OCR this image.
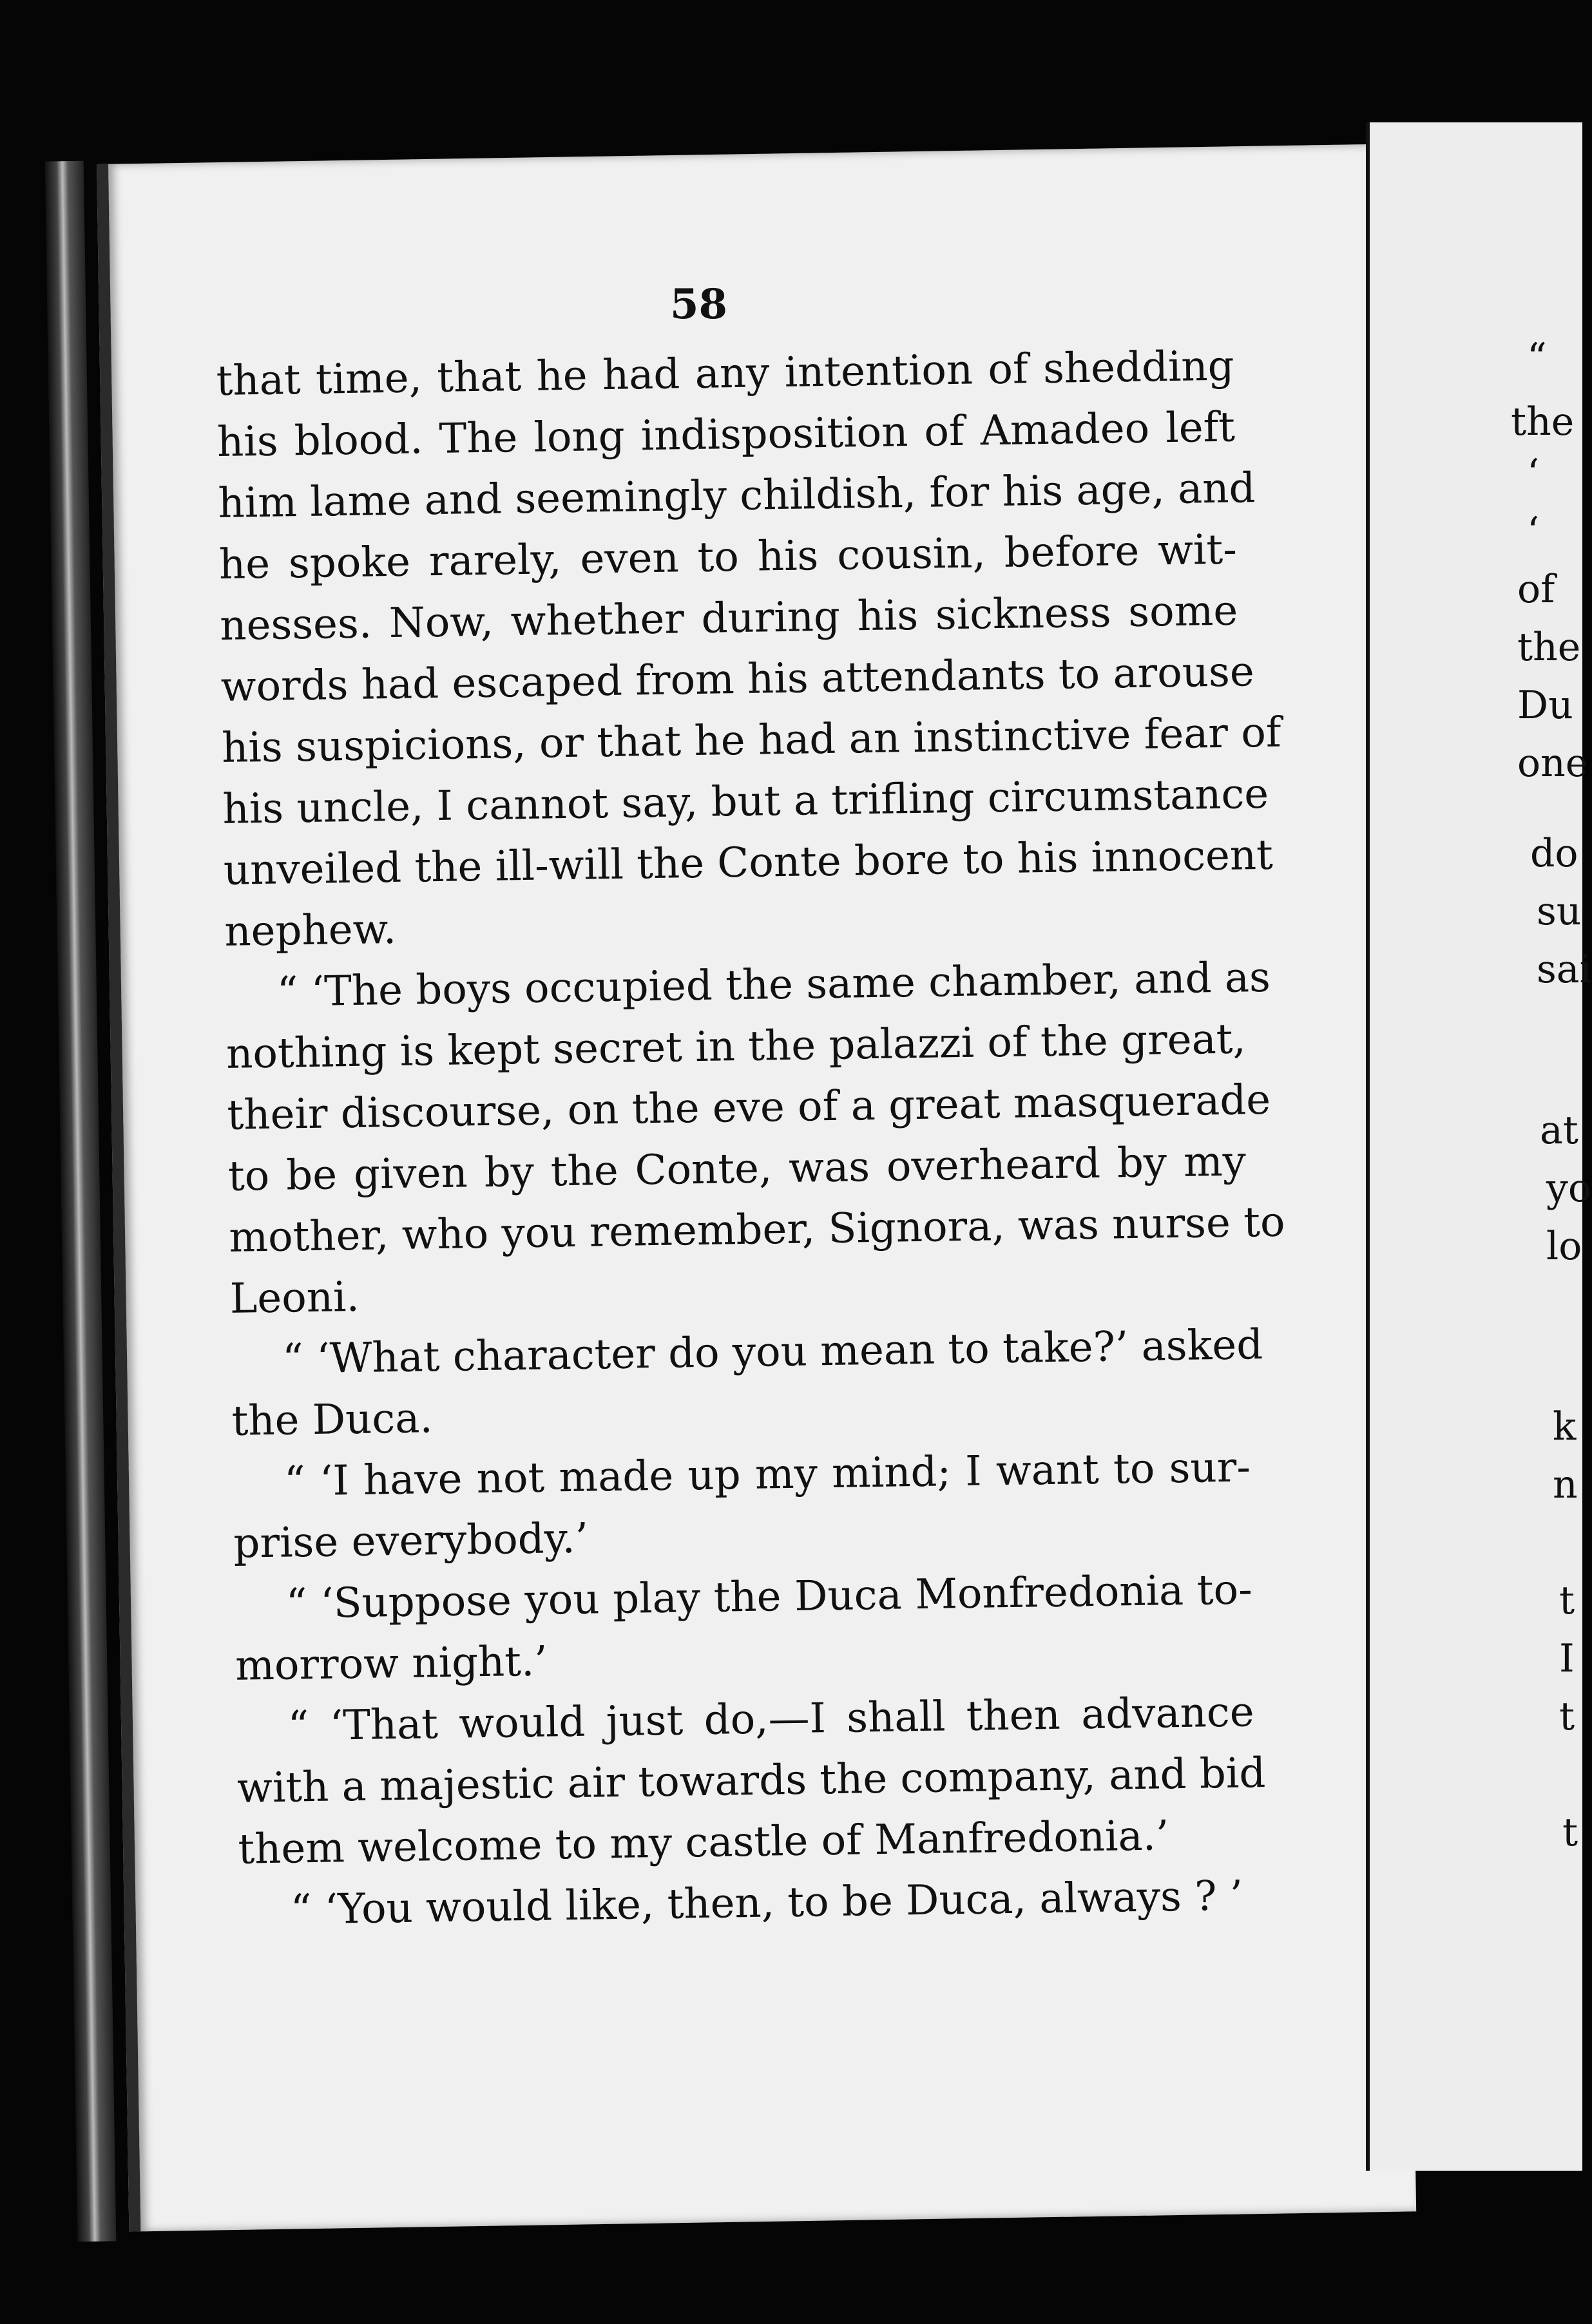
58
that time, that he had any intention of shedding
his blood. The long indisposition of Amadeo left
him lame and seemingly childish, for his age, and
he spoke rarely, even to his cousin, before wit-
nesses. Now, whether during his sickness some
words had escaped from his attendants to arouse
his suspicions, or that he had an instinctive fear of
his uncle, I cannot say, but a trifling circumstance
unveiled the ill-will the Conte bore to his innocent
nephew.
“ ‘The boys occupied the same chamber, and as
nothing is kept secret in the palazzi of the great,
their discourse, on the eve of a great masquerade
to be given by the Conte, was overheard by my
mother, who you remember, Signora, was nurse to
Leoni.
“ ‘What character do you mean to take?’ asked
the Duca.
“ ‘I have not made up my mind; I want to sur-
prise everybody.’
“ ‘Suppose you play the Duca Monfredonia to-
morrow night.’
“ ‘That would just do,—I shall then advance
with a majestic air towards the company, and bid
them welcome to my castle of Manfredonia.’
“ ‘You would like, then, to be Duca, always ? ’
“
the
‘
‘
of
the
Du
one
do
su
sai
at
yo
lo
k
n
t
I
t
t
